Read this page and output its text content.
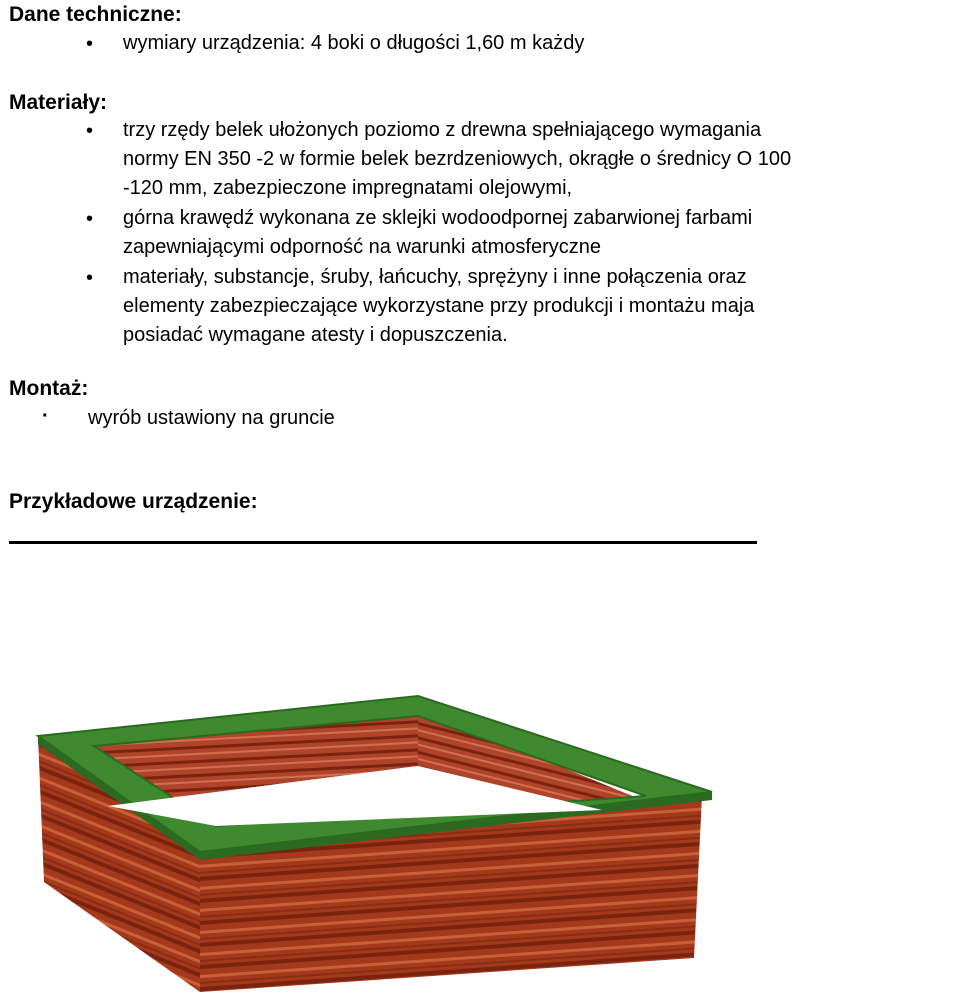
Dane techniczne:
• wymiary urządzenia: 4 boki o długości 1,60 m każdy
Materiały:
• trzy rzędy belek ułożonych poziomo z drewna spełniającego wymagania
normy EN 350 -2 w formie belek bezrdzeniowych, okrągłe o średnicy O 100
-120 mm, zabezpieczone impregnatami olejowymi,
• górna krawędź wykonana ze sklejki wodoodpornej zabarwionej farbami
zapewniającymi odporność na warunki atmosferyczne
• materiały, substancje, śruby, łańcuchy, sprężyny i inne połączenia oraz
elementy zabezpieczające wykorzystane przy produkcji i montażu maja
posiadać wymagane atesty i dopuszczenia.
Montaż:
· wyrób ustawiony na gruncie
Przykładowe urządzenie:
